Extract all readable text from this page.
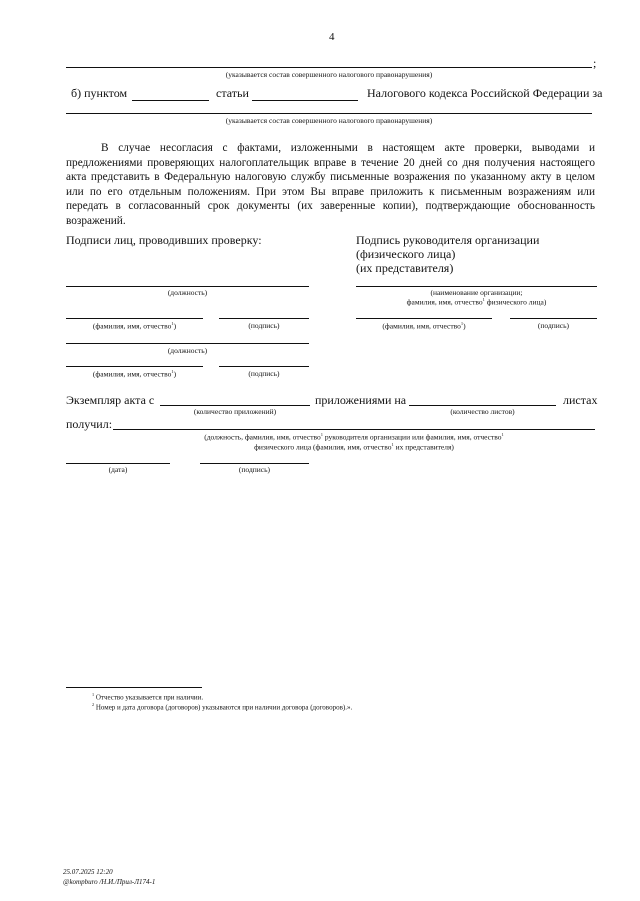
4
;
(указывается состав совершенного налогового правонарушения)
б) пунктом	статьи	Налогового кодекса Российской Федерации за
(указывается состав совершенного налогового правонарушения)
В случае несогласия с фактами, изложенными в настоящем акте проверки, выводами и предложениями проверяющих налогоплательщик вправе в течение 20 дней со дня получения настоящего акта представить в Федеральную налоговую службу письменные возражения по указанному акту в целом или по его отдельным положениям. При этом Вы вправе приложить к письменным возражениям или передать в согласованный срок документы (их заверенные копии), подтверждающие обоснованность возражений.
Подписи лиц, проводивших проверку:
(должность)
(фамилия, имя, отчество$^1$)	(подпись)
(должность)
(фамилия, имя, отчество$^1$)	(подпись)
Подпись руководителя организации
(физического лица)
(их представителя)
(наименование организации;
фамилия, имя, отчество$^1$ физического лица)
(фамилия, имя, отчество$^1$)	(подпись)
Экземпляр акта с
(количество приложений)
приложениями на
(количество листов)
листах
получил:
(должность, фамилия, имя, отчество$^1$ руководителя организации или фамилия, имя, отчество$^1$
физического лица (фамилия, имя, отчество$^1$ их представителя)
(дата)	(подпись)
$^1$ Отчество указывается при наличии.
$^2$ Номер и дата договора (договоров) указываются при наличии договора (договоров).».
25.07.2025 12:20
@kompburo /Н.И./Прил-Л174-1
